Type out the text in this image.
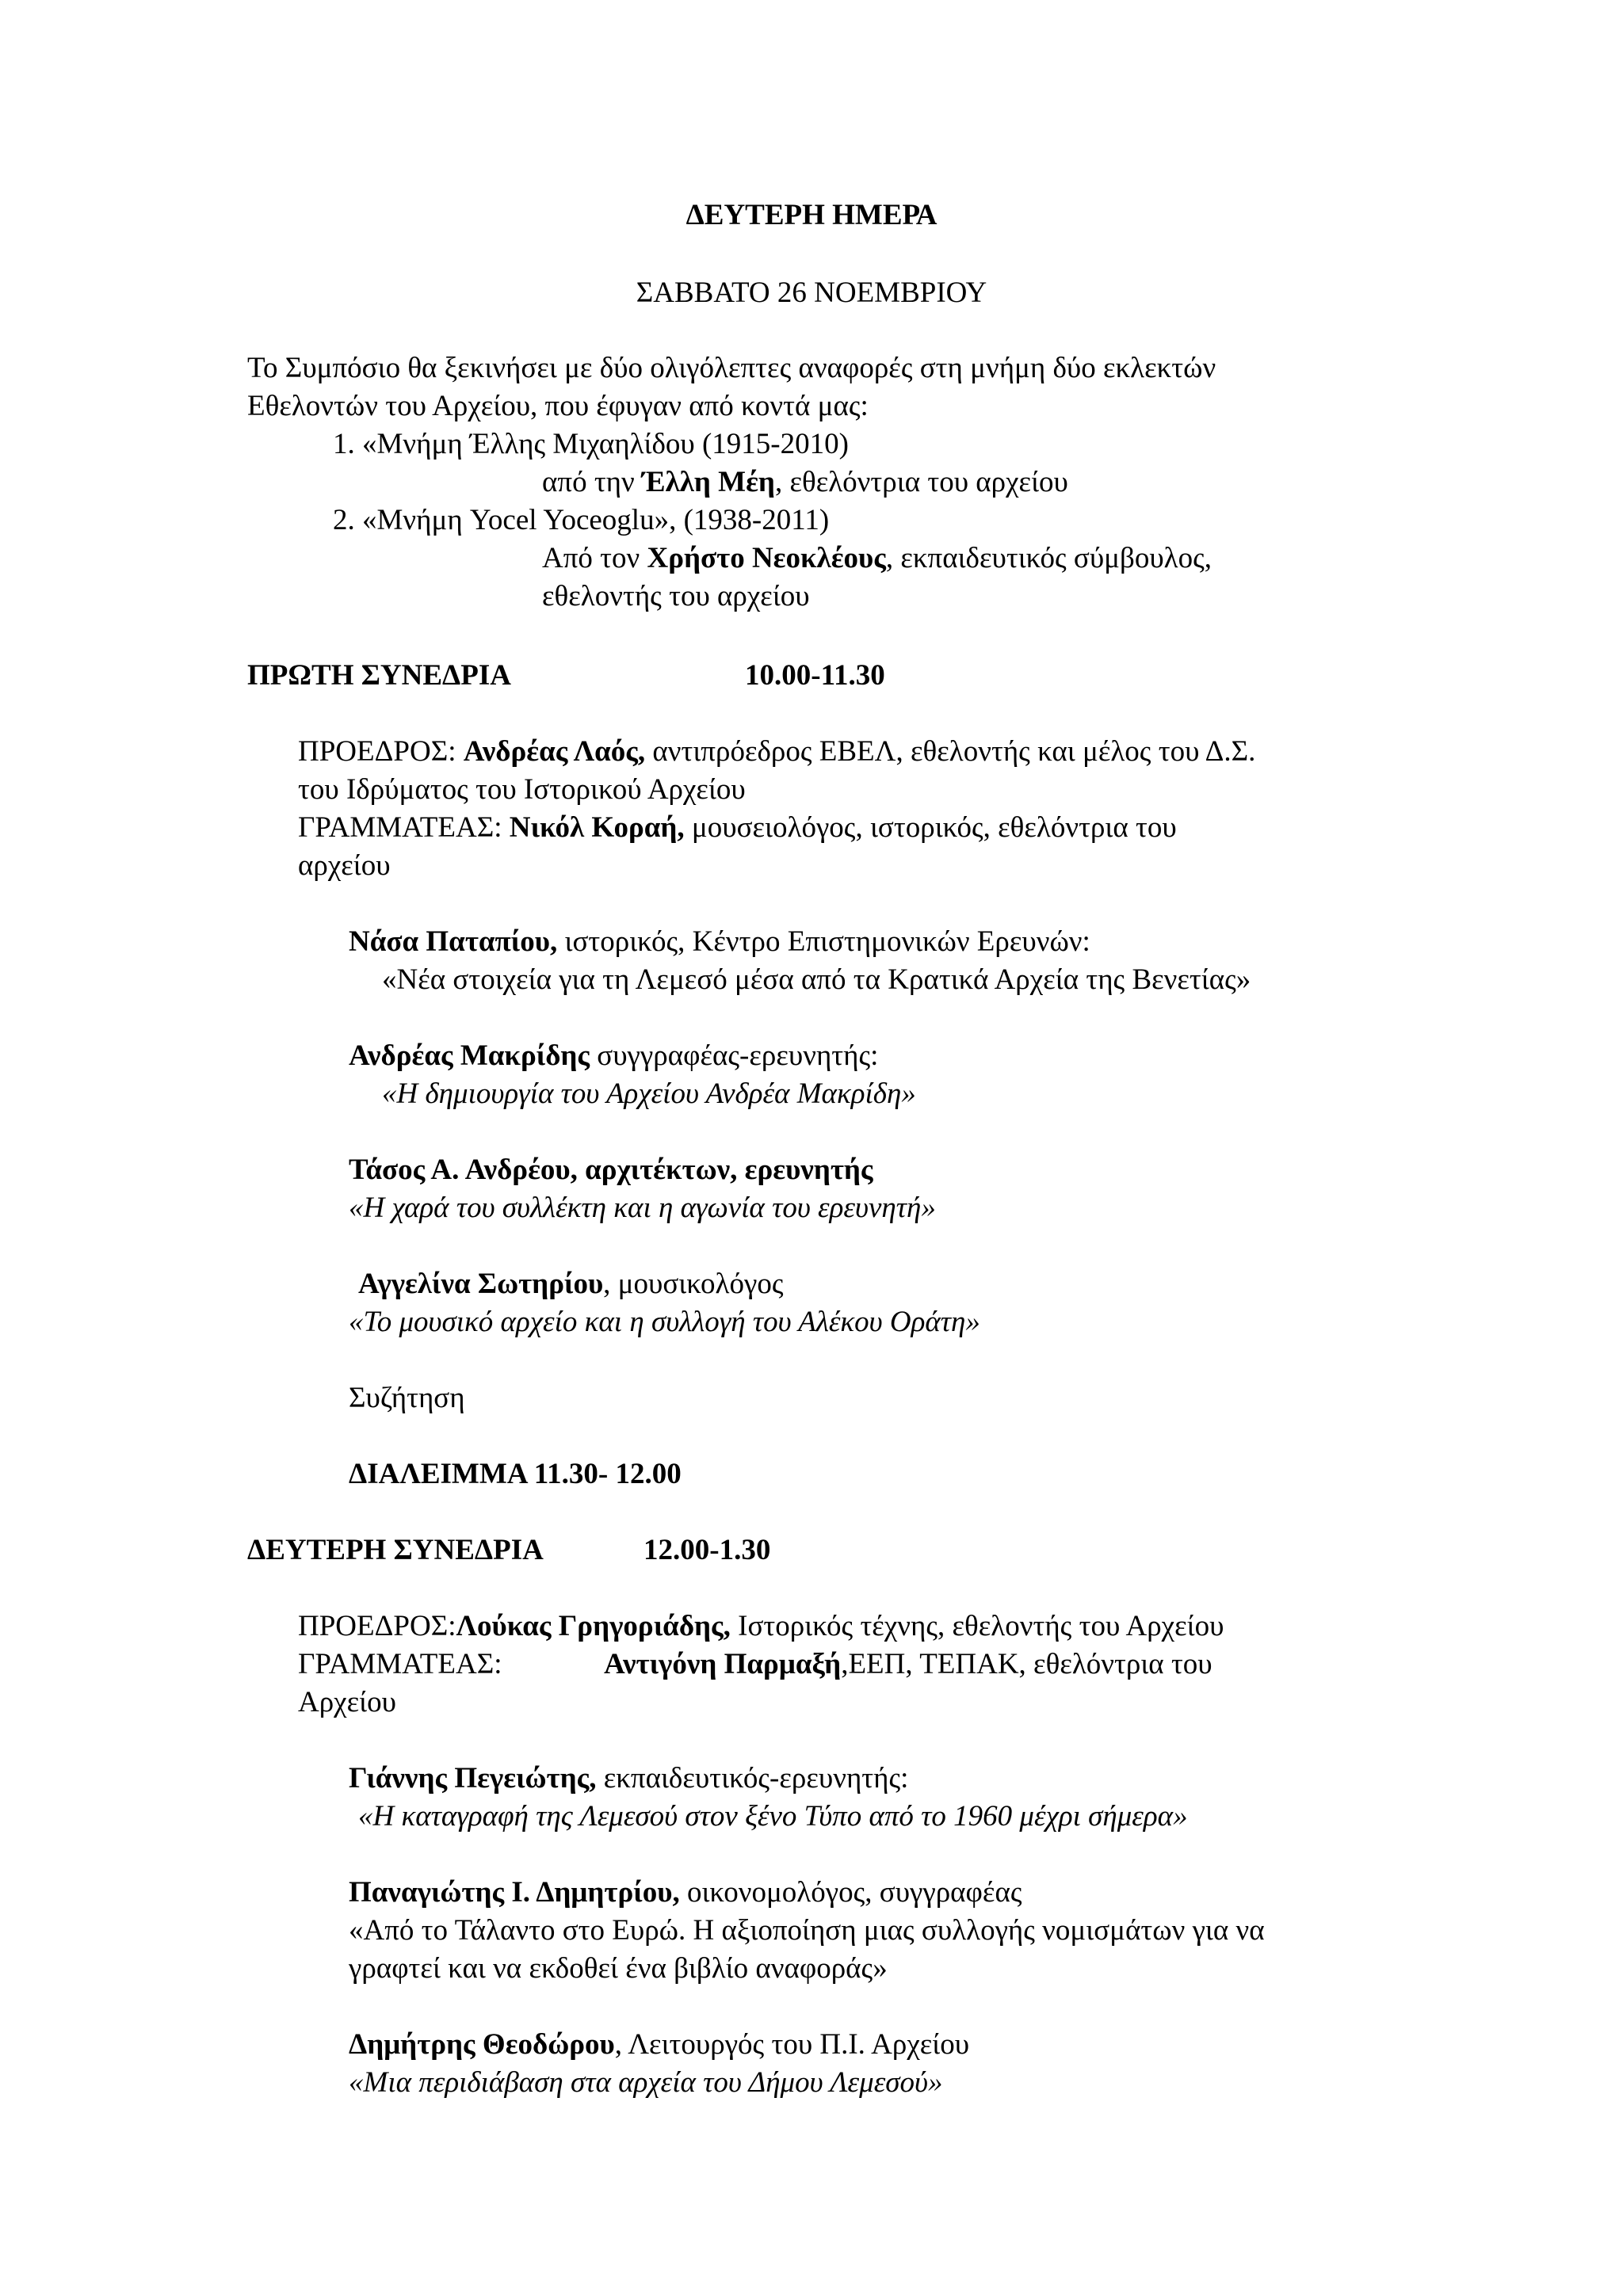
ΔΕΥΤΕΡΗ ΗΜΕΡΑ
ΣΑΒΒΑΤΟ 26 ΝΟΕΜΒΡΙΟΥ
Το Συμπόσιο θα ξεκινήσει με δύο ολιγόλεπτες αναφορές στη μνήμη δύο εκλεκτών
Εθελοντών του Αρχείου, που έφυγαν από κοντά μας:
1. «Μνήμη Έλλης Μιχαηλίδου (1915-2010)
από την Έλλη Μέη, εθελόντρια του αρχείου
2. «Μνήμη Yocel Yoceoglu», (1938-2011)
Από τον Χρήστο Νεοκλέους, εκπαιδευτικός σύμβουλος,
εθελοντής του αρχείου
ΠΡΩΤΗ ΣΥΝΕΔΡΙΑ	10.00-11.30
ΠΡΟΕΔΡΟΣ: Ανδρέας Λαός, αντιπρόεδρος ΕΒΕΛ, εθελοντής και μέλος του Δ.Σ.
του Ιδρύματος του Ιστορικού Αρχείου
ΓΡΑΜΜΑΤΕΑΣ: Νικόλ Κοραή, μουσειολόγος, ιστορικός, εθελόντρια του
αρχείου
Νάσα Παταπίου, ιστορικός, Κέντρο Επιστημονικών Ερευνών:
«Νέα στοιχεία για τη Λεμεσό μέσα από τα Κρατικά Αρχεία της Βενετίας»
Ανδρέας Μακρίδης συγγραφέας-ερευνητής:
«Η δημιουργία του Αρχείου Ανδρέα Μακρίδη»
Τάσος Α. Ανδρέου, αρχιτέκτων, ερευνητής
«Η χαρά του συλλέκτη και η αγωνία του ερευνητή»
Αγγελίνα Σωτηρίου, μουσικολόγος
«Το μουσικό αρχείο και η συλλογή του Αλέκου Οράτη»
Συζήτηση
ΔΙΑΛΕΙΜΜΑ 11.30- 12.00
ΔΕΥΤΕΡΗ ΣΥΝΕΔΡΙΑ	12.00-1.30
ΠΡΟΕΔΡΟΣ:Λούκας Γρηγοριάδης, Ιστορικός τέχνης, εθελοντής του Αρχείου
ΓΡΑΜΜΑΤΕΑΣ:	Αντιγόνη Παρμαξή,ΕΕΠ, ΤΕΠΑΚ, εθελόντρια του
Αρχείου
Γιάννης Πεγειώτης, εκπαιδευτικός-ερευνητής:
«Η καταγραφή της Λεμεσού στον ξένο Τύπο από το 1960 μέχρι σήμερα»
Παναγιώτης Ι. Δημητρίου, οικονομολόγος, συγγραφέας
«Από το Τάλαντο στο Ευρώ. Η αξιοποίηση μιας συλλογής νομισμάτων για να
γραφτεί και να εκδοθεί ένα βιβλίο αναφοράς»
Δημήτρης Θεοδώρου, Λειτουργός του Π.Ι. Αρχείου
«Μια περιδιάβαση στα αρχεία του Δήμου Λεμεσού»
